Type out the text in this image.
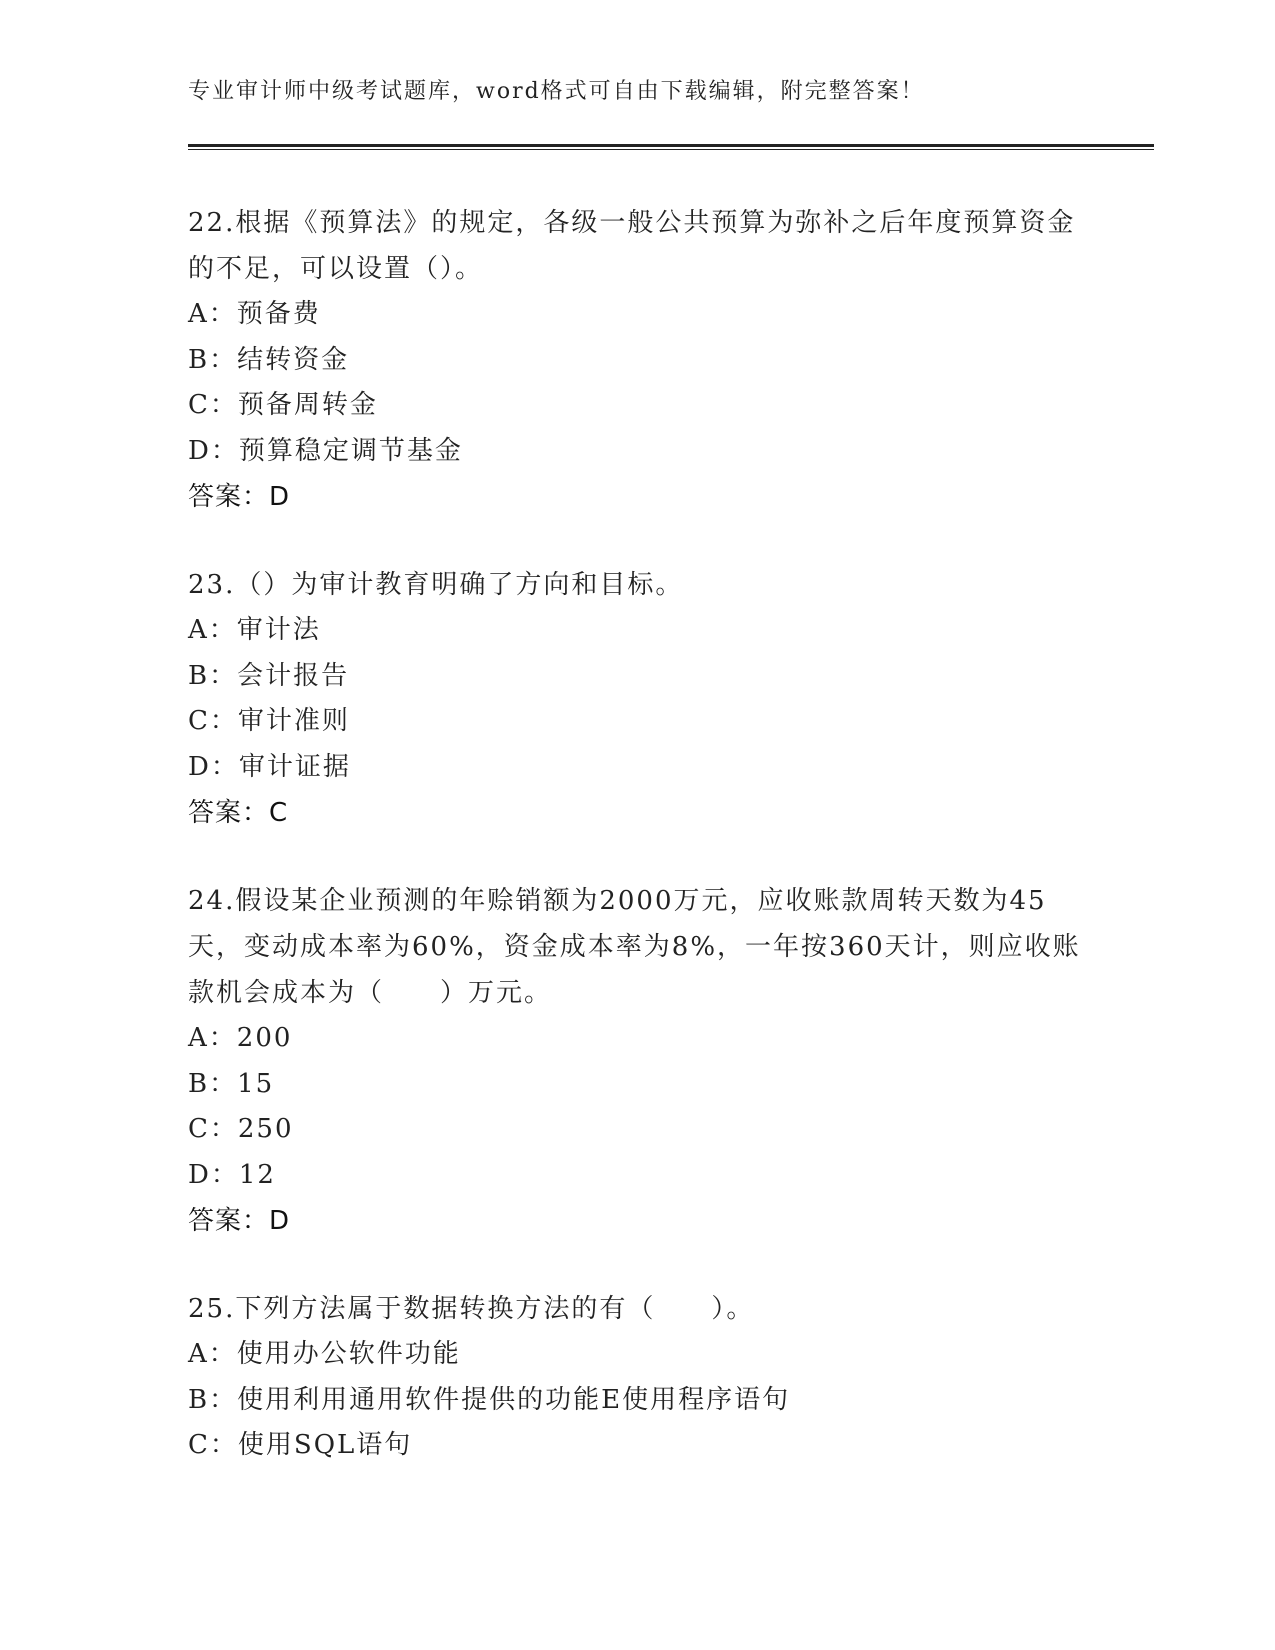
专业审计师中级考试题库，word格式可自由下载编辑，附完整答案！

22.根据《预算法》的规定，各级一般公共预算为弥补之后年度预算资金的不足，可以设置（）。

A：预备费

B：结转资金

C：预备周转金

D：预算稳定调节基金

答案：D

23.（）为审计教育明确了方向和目标。

A：审计法

B：会计报告

C：审计准则

D：审计证据

答案：C

24.假设某企业预测的年赊销额为2000万元，应收账款周转天数为45天，变动成本率为60%，资金成本率为8%，一年按360天计，则应收账款机会成本为（　　）万元。

A：200

B：15

C：250

D：12

答案：D

25.下列方法属于数据转换方法的有（　　）。

A：使用办公软件功能

B：使用利用通用软件提供的功能E使用程序语句

C：使用SQL语句
